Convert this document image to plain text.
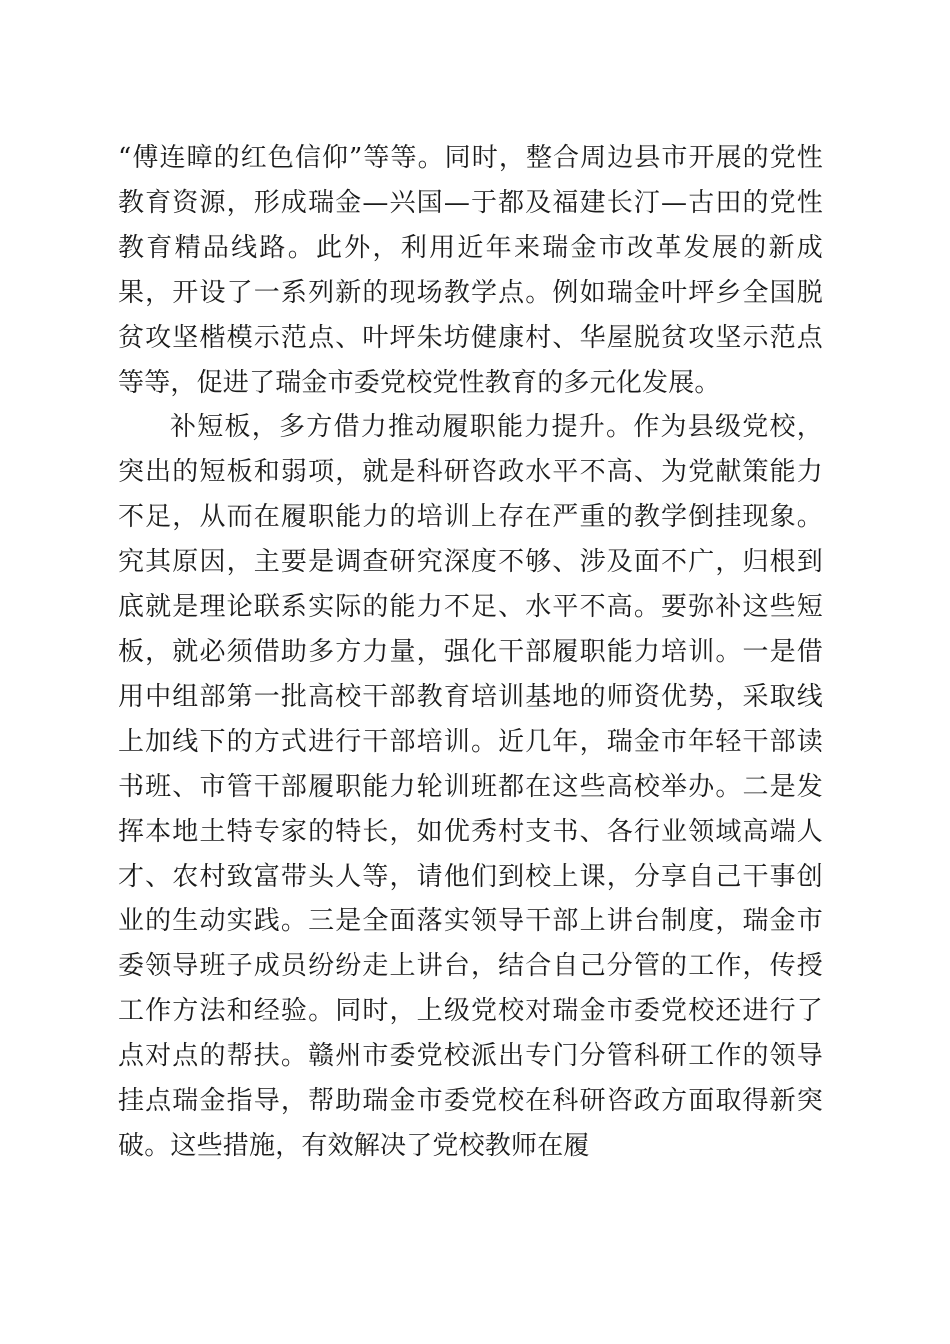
“傅连暲的红色信仰”等等。同时，整合周边县市开展的党性教育资源，形成瑞金—兴国—于都及福建长汀—古田的党性教育精品线路。此外，利用近年来瑞金市改革发展的新成果，开设了一系列新的现场教学点。例如瑞金叶坪乡全国脱贫攻坚楷模示范点、叶坪朱坊健康村、华屋脱贫攻坚示范点等等，促进了瑞金市委党校党性教育的多元化发展。

补短板，多方借力推动履职能力提升。作为县级党校，突出的短板和弱项，就是科研咨政水平不高、为党献策能力不足，从而在履职能力的培训上存在严重的教学倒挂现象。究其原因，主要是调查研究深度不够、涉及面不广，归根到底就是理论联系实际的能力不足、水平不高。要弥补这些短板，就必须借助多方力量，强化干部履职能力培训。一是借用中组部第一批高校干部教育培训基地的师资优势，采取线上加线下的方式进行干部培训。近几年，瑞金市年轻干部读书班、市管干部履职能力轮训班都在这些高校举办。二是发挥本地土特专家的特长，如优秀村支书、各行业领域高端人才、农村致富带头人等，请他们到校上课，分享自己干事创业的生动实践。三是全面落实领导干部上讲台制度，瑞金市委领导班子成员纷纷走上讲台，结合自己分管的工作，传授工作方法和经验。同时，上级党校对瑞金市委党校还进行了点对点的帮扶。赣州市委党校派出专门分管科研工作的领导挂点瑞金指导，帮助瑞金市委党校在科研咨政方面取得新突破。这些措施，有效解决了党校教师在履
